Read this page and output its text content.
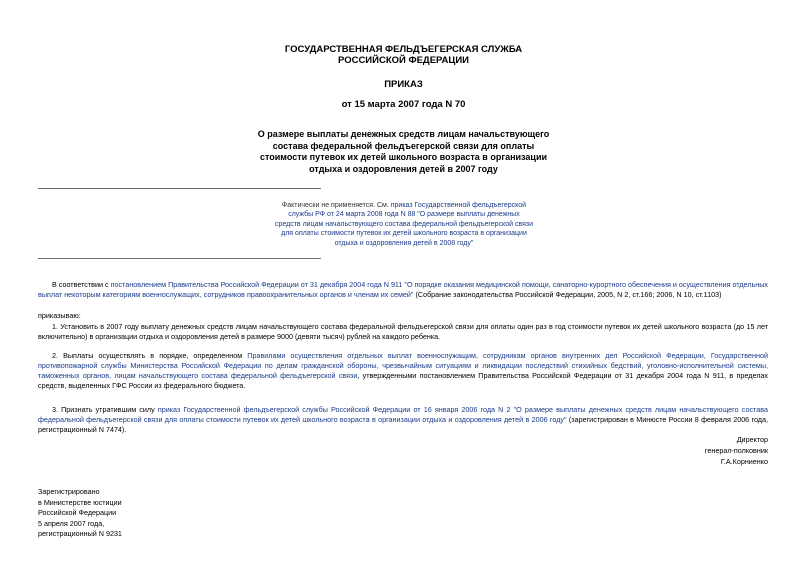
ГОСУДАРСТВЕННАЯ ФЕЛЬДЪЕГЕРСКАЯ СЛУЖБА
РОССИЙСКОЙ ФЕДЕРАЦИИ
ПРИКАЗ
от 15 марта 2007 года N 70
О размере выплаты денежных средств лицам начальствующего
состава федеральной фельдъегерской связи для оплаты
стоимости путевок их детей школьного возраста в организации
отдыха и оздоровления детей в 2007 году
Фактически не применяется. См. приказ Государственной фельдъегерской
службы РФ от 24 марта 2008 года N 88 "О размере выплаты денежных
средств лицам начальствующего состава федеральной фельдъегерской связи
для оплаты стоимости путевок их детей школьного возраста в организации
отдыха и оздоровления детей в 2008 году"
В соответствии с постановлением Правительства Российской Федерации от 31 декабря 2004 года N 911 "О порядке оказания медицинской помощи, санаторно-курортного обеспечения и осуществления отдельных выплат некоторым категориям военнослужащих, сотрудников правоохранительных органов и членам их семей" (Собрание законодательства Российской Федерации, 2005, N 2, ст.166; 2006, N 10, ст.1103)
приказываю:
1. Установить в 2007 году выплату денежных средств лицам начальствующего состава федеральной фельдъегерской связи для оплаты один раз в год стоимости путевок их детей школьного возраста (до 15 лет включительно) в организации отдыха и оздоровления детей в размере 9000 (девяти тысяч) рублей на каждого ребенка.
2. Выплаты осуществлять в порядке, определенном Правилами осуществления отдельных выплат военнослужащим, сотрудникам органов внутренних дел Российской Федерации, Государственной противопожарной службы Министерства Российской Федерации по делам гражданской обороны, чрезвычайным ситуациям и ликвидации последствий стихийных бедствий, уголовно-исполнительной системы, таможенных органов, лицам начальствующего состава федеральной фельдъегерской связи, утвержденными постановлением Правительства Российской Федерации от 31 декабря 2004 года N 911, в пределах средств, выделенных ГФС России из федерального бюджета.
3. Признать утратившим силу приказ Государственной фельдъегерской службы Российской Федерации от 16 января 2006 года N 2 "О размере выплаты денежных средств лицам начальствующего состава федеральной фельдъегерской связи для оплаты стоимости путевок их детей школьного возраста в организации отдыха и оздоровления детей в 2006 году" (зарегистрирован в Минюсте России 8 февраля 2006 года, регистрационный N 7474).
Директор
генерал-полковник
Г.А.Корниенко
Зарегистрировано
в Министерстве юстиции
Российской Федерации
5 апреля 2007 года,
регистрационный N 9231
